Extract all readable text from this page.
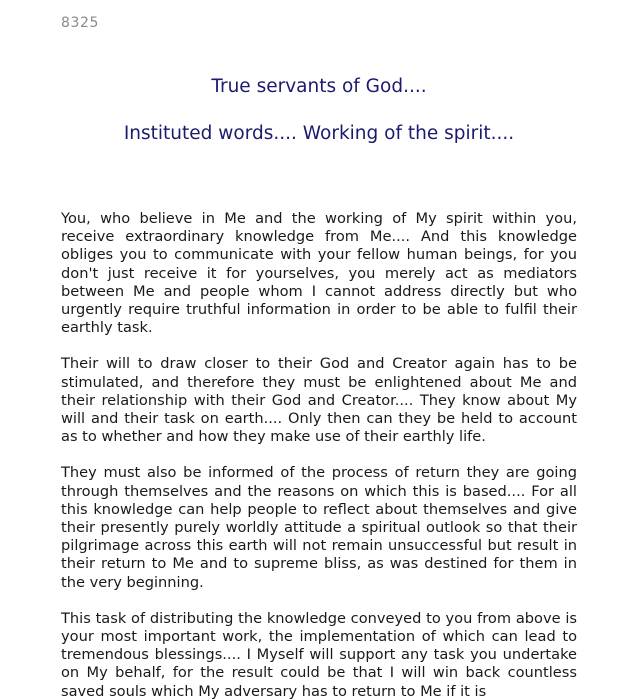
8325
True servants of God....
Instituted words.... Working of the spirit....

You, who believe in Me and the working of My spirit within you, receive extraordinary knowledge from Me.... And this knowledge obliges you to communicate with your fellow human beings, for you don't just receive it for yourselves, you merely act as mediators between Me and people whom I cannot address directly but who urgently require truthful information in order to be able to fulfil their earthly task.

Their will to draw closer to their God and Creator again has to be stimulated, and therefore they must be enlightened about Me and their relationship with their God and Creator.... They know about My will and their task on earth.... Only then can they be held to account as to whether and how they make use of their earthly life.

They must also be informed of the process of return they are going through themselves and the reasons on which this is based.... For all this knowledge can help people to reflect about themselves and give their presently purely worldly attitude a spiritual outlook so that their pilgrimage across this earth will not remain unsuccessful but result in their return to Me and to supreme bliss, as was destined for them in the very beginning.

This task of distributing the knowledge conveyed to you from above is your most important work, the implementation of which can lead to tremendous blessings.... I Myself will support any task you undertake on My behalf, for the result could be that I will win back countless saved souls which My adversary has to return to Me if it is
